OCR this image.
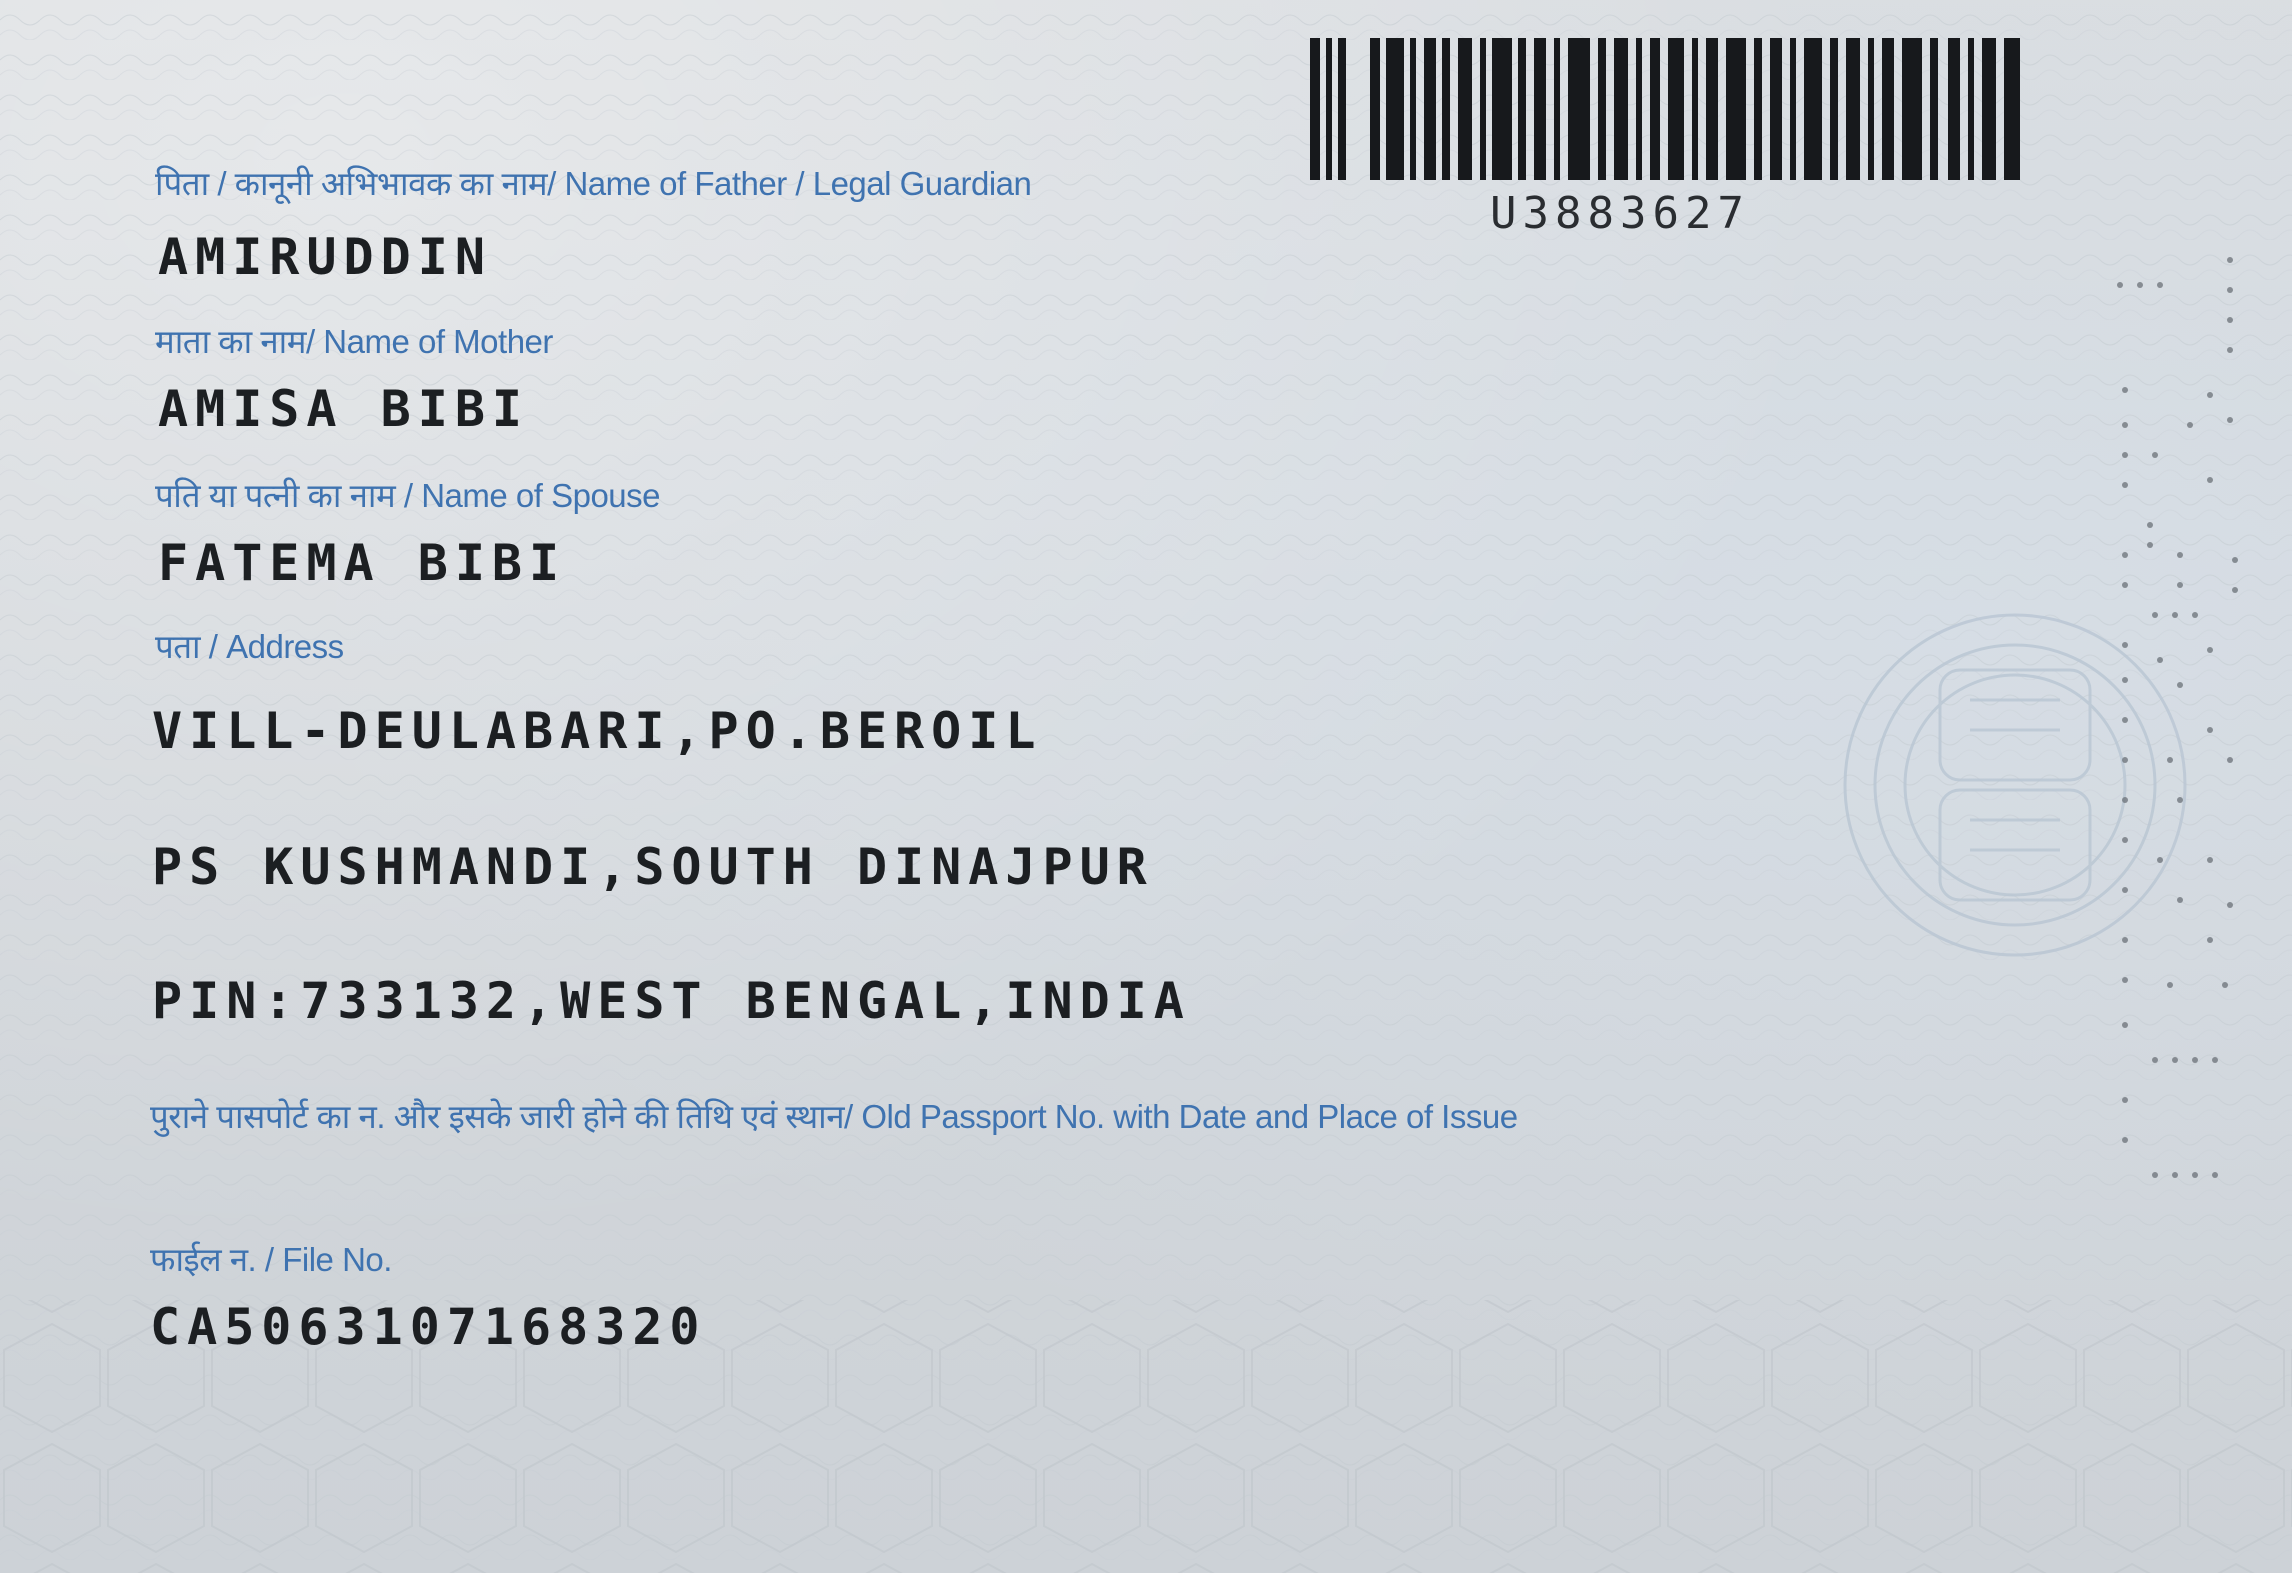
U3883627
पिता / कानूनी अभिभावक का नाम/ Name of Father / Legal Guardian
AMIRUDDIN
माता का नाम/ Name of Mother
AMISA BIBI
पति या पत्नी का नाम / Name of Spouse
FATEMA BIBI
पता / Address
VILL-DEULABARI,PO.BEROIL
PS KUSHMANDI,SOUTH DINAJPUR
PIN:733132,WEST BENGAL,INDIA
पुराने पासपोर्ट का न. और इसके जारी होने की तिथि एवं स्थान/ Old Passport No. with Date and Place of Issue
फाईल न. / File No.
CA5063107168320
